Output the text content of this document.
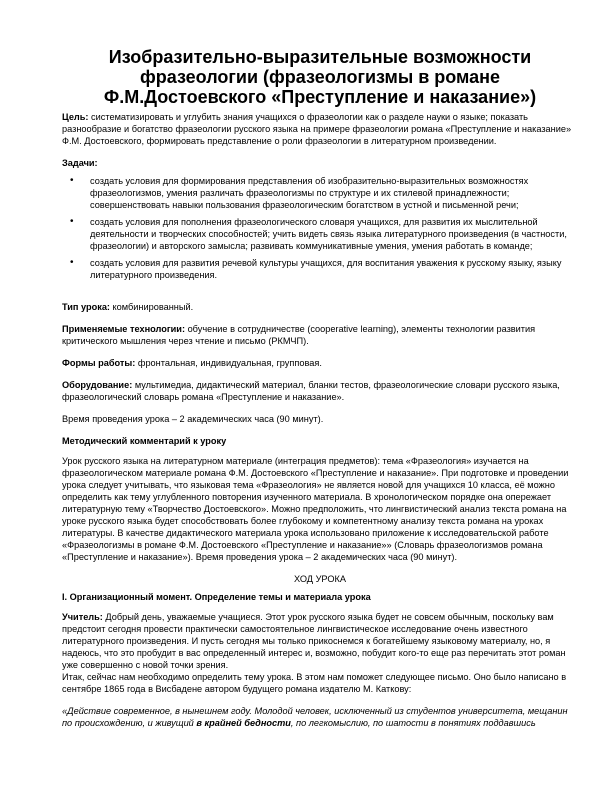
Изобразительно-выразительные возможности фразеологии (фразеологизмы в романе Ф.М.Достоевского «Преступление и наказание»)

Цель: систематизировать и углубить знания учащихся о фразеологии как о разделе науки о языке; показать разнообразие и богатство фразеологии русского языка на примере фразеологии романа «Преступление и наказание» Ф.М. Достоевского, формировать представление о роли фразеологии в литературном произведении.

Задачи:

• создать условия для формирования представления об изобразительно-выразительных возможностях фразеологизмов, умения различать фразеологизмы по структуре и их стилевой принадлежности; совершенствовать навыки пользования фразеологическим богатством в устной и письменной речи;
• создать условия для пополнения фразеологического словаря учащихся, для развития их мыслительной деятельности и творческих способностей; учить видеть связь языка литературного произведения (в частности, фразеологии) и авторского замысла; развивать коммуникативные умения, умения работать в команде;
• создать условия для развития речевой культуры учащихся, для воспитания уважения к русскому языку, языку литературного произведения.

Тип урока: комбинированный.

Применяемые технологии: обучение в сотрудничестве (cooperative learning), элементы технологии развития критического мышления через чтение и письмо (РКМЧП).

Формы работы: фронтальная, индивидуальная, групповая.

Оборудование: мультимедиа, дидактический материал, бланки тестов, фразеологические словари русского языка, фразеологический словарь романа «Преступление и наказание».

Время проведения урока – 2 академических часа (90 минут).

Методический комментарий к уроку

Урок русского языка на литературном материале (интеграция предметов): тема «Фразеология» изучается на фразеологическом материале романа Ф.М. Достоевского «Преступление и наказание». При подготовке и проведении урока следует учитывать, что языковая тема «Фразеология» не является новой для учащихся 10 класса, её можно определить как тему углубленного повторения изученного материала. В хронологическом порядке она опережает литературную тему «Творчество Достоевского». Можно предположить, что лингвистический анализ текста романа на уроке русского языка будет способствовать более глубокому и компетентному анализу текста романа на уроках литературы. В качестве дидактического материала урока использовано приложение к исследовательской работе «Фразеологизмы в романе Ф.М. Достоевского «Преступление и наказание»» (Словарь фразеологизмов романа «Преступление и наказание»). Время проведения урока – 2 академических часа (90 минут).

ХОД УРОКА

I. Организационный момент. Определение темы и материала урока

Учитель: Добрый день, уважаемые учащиеся. Этот урок русского языка будет не совсем обычным, поскольку вам предстоит сегодня провести практически самостоятельное лингвистическое исследование очень известного литературного произведения. И пусть сегодня мы только прикоснемся к богатейшему языковому материалу, но, я надеюсь, что это пробудит в вас определенный интерес и, возможно, побудит кого-то еще раз перечитать этот роман уже совершенно с новой точки зрения.

Итак, сейчас нам необходимо определить тему урока. В этом нам поможет следующее письмо. Оно было написано в сентябре 1865 года в Висбадене автором будущего романа издателю М. Каткову:

«Действие современное, в нынешнем году. Молодой человек, исключенный из студентов университета, мещанин по происхождению, и живущий в крайней бедности, по легкомыслию, по шатости в понятиях поддавшись
